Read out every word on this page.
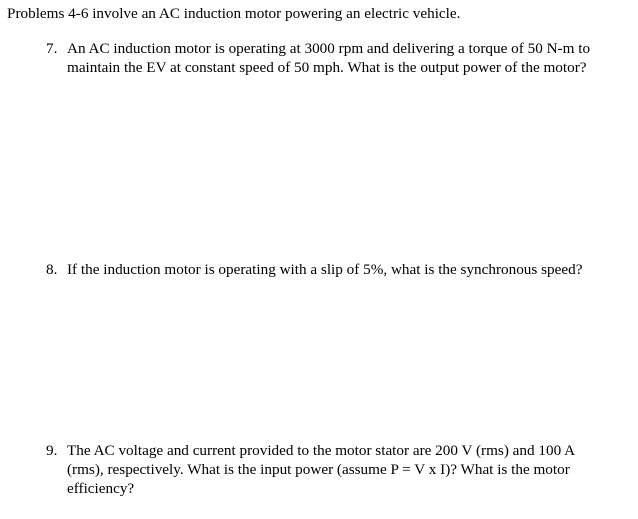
Problems 4-6 involve an AC induction motor powering an electric vehicle.
7. An AC induction motor is operating at 3000 rpm and delivering a torque of 50 N-m to
maintain the EV at constant speed of 50 mph. What is the output power of the motor?
8. If the induction motor is operating with a slip of 5%, what is the synchronous speed?
9. The AC voltage and current provided to the motor stator are 200 V (rms) and 100 A
(rms), respectively. What is the input power (assume P = V x I)? What is the motor
efficiency?
